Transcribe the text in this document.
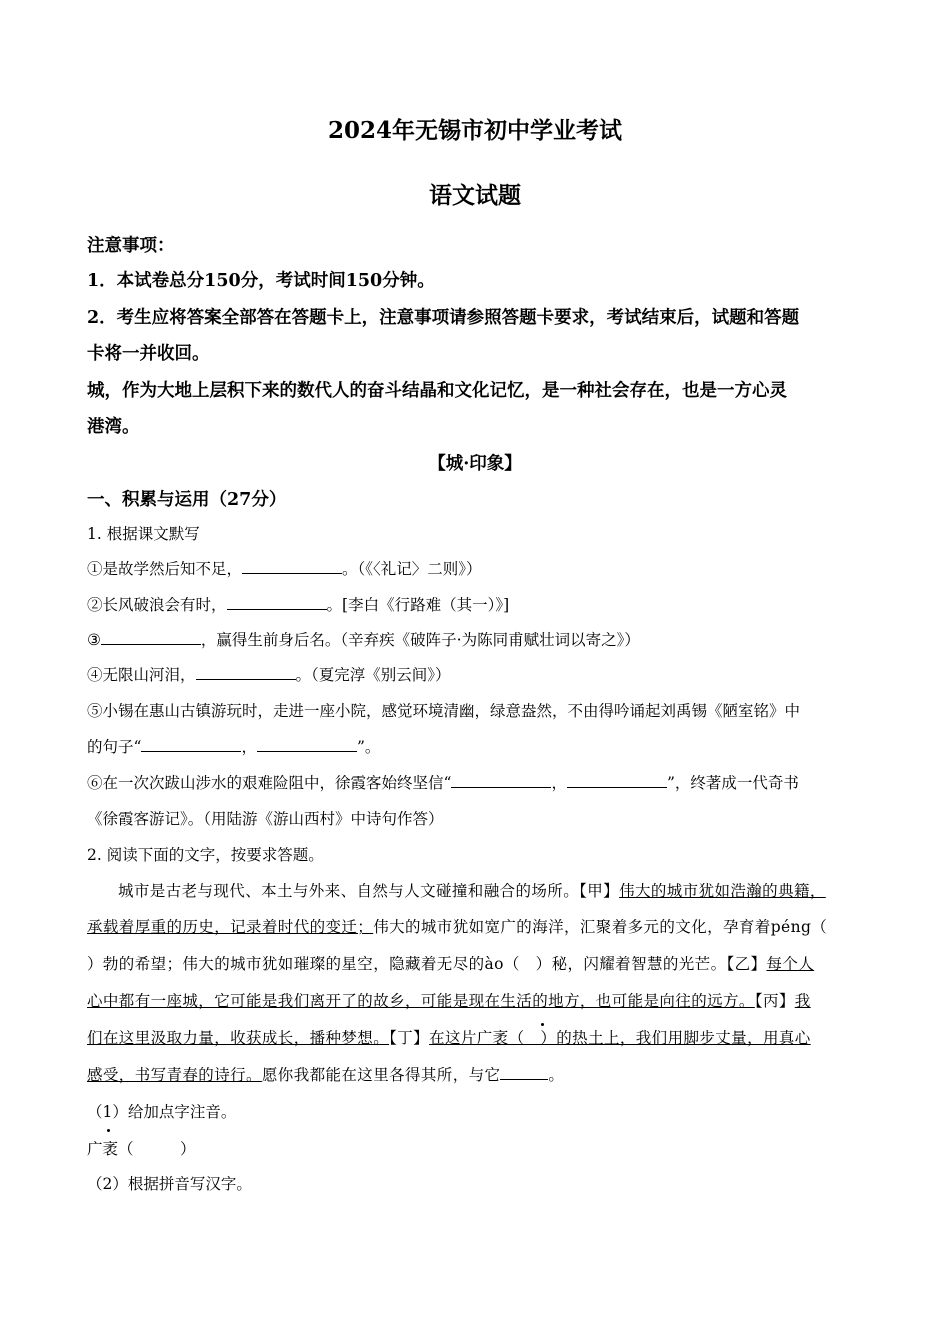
2024年无锡市初中学业考试
语文试题
注意事项：
1．本试卷总分150分，考试时间150分钟。
2．考生应将答案全部答在答题卡上，注意事项请参照答题卡要求，考试结束后，试题和答题
卡将一并收回。
城，作为大地上层积下来的数代人的奋斗结晶和文化记忆，是一种社会存在，也是一方心灵
港湾。
【城·印象】
一、积累与运用（27分）
1. 根据课文默写
①是故学然后知不足，	。（《〈礼记〉二则》）
②长风破浪会有时，	。[李白《行路难（其一）》]
③	，赢得生前身后名。（辛弃疾《破阵子·为陈同甫赋壮词以寄之》）
④无限山河泪，	。（夏完淳《别云间》）
⑤小锡在惠山古镇游玩时，走进一座小院，感觉环境清幽，绿意盎然，不由得吟诵起刘禹锡《陋室铭》中
的句子“	，	”。
⑥在一次次跋山涉水的艰难险阻中，徐霞客始终坚信“	，	”，终著成一代奇书
《徐霞客游记》。（用陆游《游山西村》中诗句作答）
2. 阅读下面的文字，按要求答题。
城市是古老与现代、本土与外来、自然与人文碰撞和融合的场所。【甲】伟大的城市犹如浩瀚的典籍，
承载着厚重的历史，记录着时代的变迁；伟大的城市犹如宽广的海洋，汇聚着多元的文化，孕育着péng（
）勃的希望；伟大的城市犹如璀璨的星空，隐藏着无尽的ào（　）秘，闪耀着智慧的光芒。【乙】每个人
心中都有一座城，它可能是我们离开了的故乡，可能是现在生活的地方，也可能是向往的远方。【丙】我
们在这里汲取力量，收获成长，播种梦想。【丁】在这片广袤（　）的热土上，我们用脚步丈量，用真心
感受，书写青春的诗行。愿你我都能在这里各得其所，与它	。
（1）给加点字注音。
广袤（　　　）
（2）根据拼音写汉字。
